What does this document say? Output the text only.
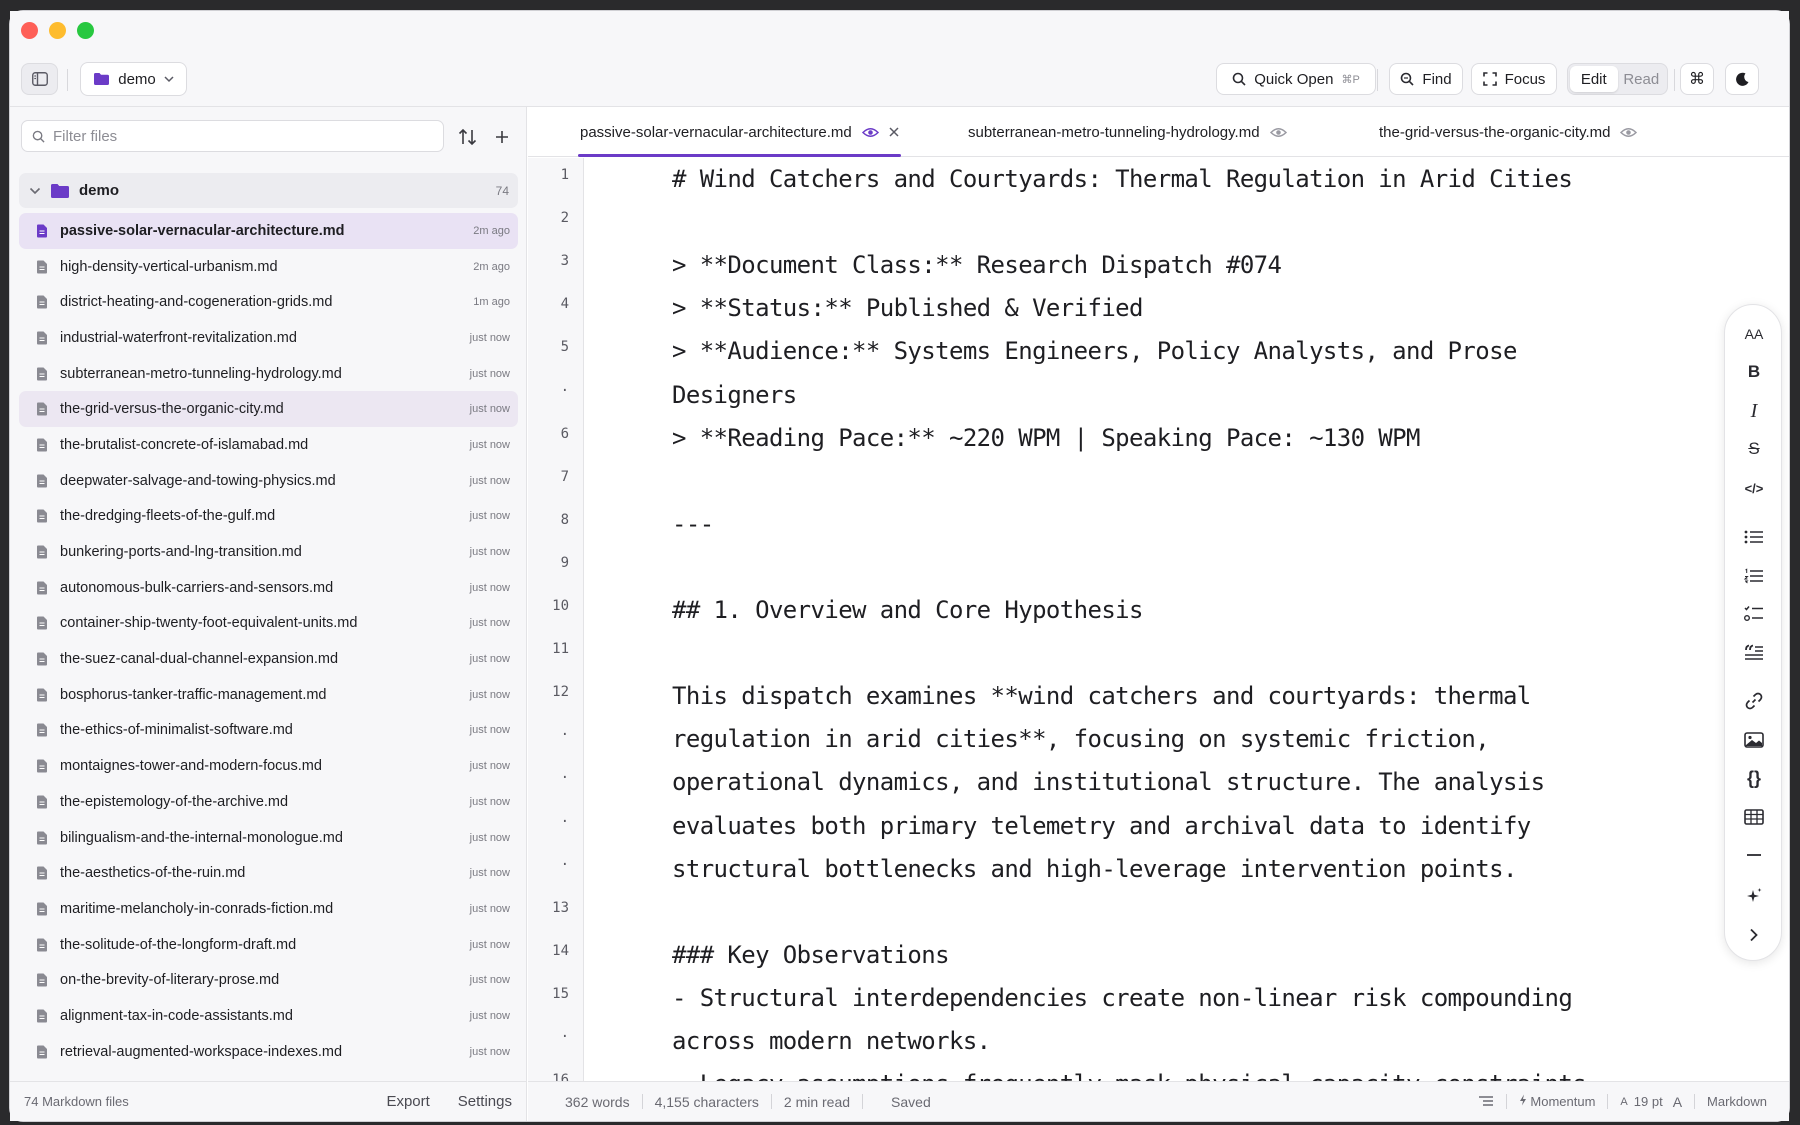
demo	Quick Open ⌘P	Find	Focus	Edit	Read	⌘
Filter files
demo	74
passive-solar-vernacular-architecture.md	2m ago
high-density-vertical-urbanism.md	2m ago
district-heating-and-cogeneration-grids.md	1m ago
industrial-waterfront-revitalization.md	just now
subterranean-metro-tunneling-hydrology.md	just now
the-grid-versus-the-organic-city.md	just now
the-brutalist-concrete-of-islamabad.md	just now
deepwater-salvage-and-towing-physics.md	just now
the-dredging-fleets-of-the-gulf.md	just now
bunkering-ports-and-lng-transition.md	just now
autonomous-bulk-carriers-and-sensors.md	just now
container-ship-twenty-foot-equivalent-units.md	just now
the-suez-canal-dual-channel-expansion.md	just now
bosphorus-tanker-traffic-management.md	just now
the-ethics-of-minimalist-software.md	just now
montaignes-tower-and-modern-focus.md	just now
the-epistemology-of-the-archive.md	just now
bilingualism-and-the-internal-monologue.md	just now
the-aesthetics-of-the-ruin.md	just now
maritime-melancholy-in-conrads-fiction.md	just now
the-solitude-of-the-longform-draft.md	just now
on-the-brevity-of-literary-prose.md	just now
alignment-tax-in-code-assistants.md	just now
retrieval-augmented-workspace-indexes.md	just now
74 Markdown files	Export Settings
passive-solar-vernacular-architecture.md	subterranean-metro-tunneling-hydrology.md	the-grid-versus-the-organic-city.md
1
2
3
4
5
·
6
7
8
9
10
11
12
·
·
·
·
13
14
15
·
# Wind Catchers and Courtyards: Thermal Regulation in Arid Cities
> **Document Class:** Research Dispatch #074
> **Status:** Published & Verified
> **Audience:** Systems Engineers, Policy Analysts, and Prose
Designers
> **Reading Pace:** ~220 WPM | Speaking Pace: ~130 WPM
---
## 1. Overview and Core Hypothesis
This dispatch examines **wind catchers and courtyards: thermal
regulation in arid cities**, focusing on systemic friction,
operational dynamics, and institutional structure. The analysis
evaluates both primary telemetry and archival data to identify
structural bottlenecks and high-leverage intervention points.
### Key Observations
- Structural interdependencies create non-linear risk compounding
across modern networks.
AA
B
I
S
</>
{}
362 words	4,155 characters	2 min read	Saved	Momentum	A 19 pt A	Markdown
